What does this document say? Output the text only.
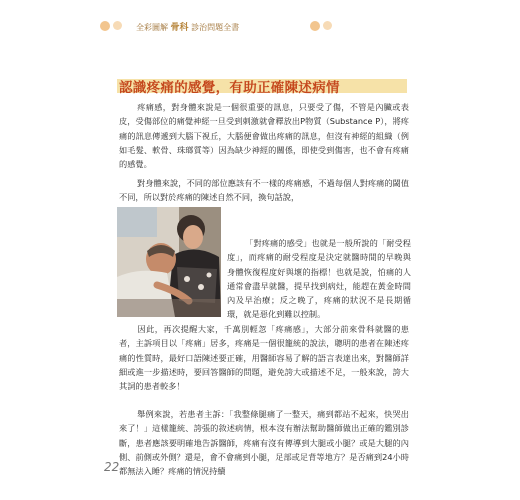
全彩圖解 骨科 診治問題全書
認識疼痛的感覺，有助正確陳述病情
疼痛感，對身體來說是一個很重要的訊息，只要受了傷，不管是內臟或表皮，受傷部位的痛覺神經一旦受到刺激就會釋放出P物質（Substance P），將疼痛的訊息傳遞到大腦下視丘，大腦便會做出疼痛的訊息，但沒有神經的組織（例如毛髮、軟骨、珠瑯質等）因為缺少神經的關係，即使受到傷害，也不會有疼痛的感覺。
對身體來說，不同的部位應該有不一樣的疼痛感，不過每個人對疼痛的閾值不同，所以對於疼痛的陳述自然不同，換句話說，
「對疼痛的感受」也就是一般所說的「耐受程度」，而疼痛的耐受程度是決定就醫時間的早晚與身體恢復程度好與壞的指標！也就是說，怕痛的人通常會盡早就醫，提早找到病灶，能趕在黃金時間內及早治療；反之晚了，疼痛的狀況不是長期循環，就是惡化到難以控制。
因此，再次提醒大家，千萬別輕忽「疼痛感」，大部分前來骨科就醫的患者，主訴項目以「疼痛」居多，疼痛是一個很籠統的說法，聰明的患者在陳述疼痛的性質時，最好口語陳述要正確，用醫師容易了解的語言表達出來，對醫師詳細或進一步描述時，要回答醫師的問題，避免誇大或描述不足，一般來說，誇大其詞的患者較多！
舉例來說，若患者主訴：「我整條腿痛了一整天，痛到都站不起來，快哭出來了！」這樣籠統、誇張的敘述病情，根本沒有辦法幫助醫師做出正確的鑑別診斷，患者應該要明確地告訴醫師，疼痛有沒有傳導到大腿或小腿？或是大腿的內側、前側或外側？還是，會不會痛到小腿，足部或足背等地方？是否痛到24小時都無法入睡？疼痛的情況持續
22
